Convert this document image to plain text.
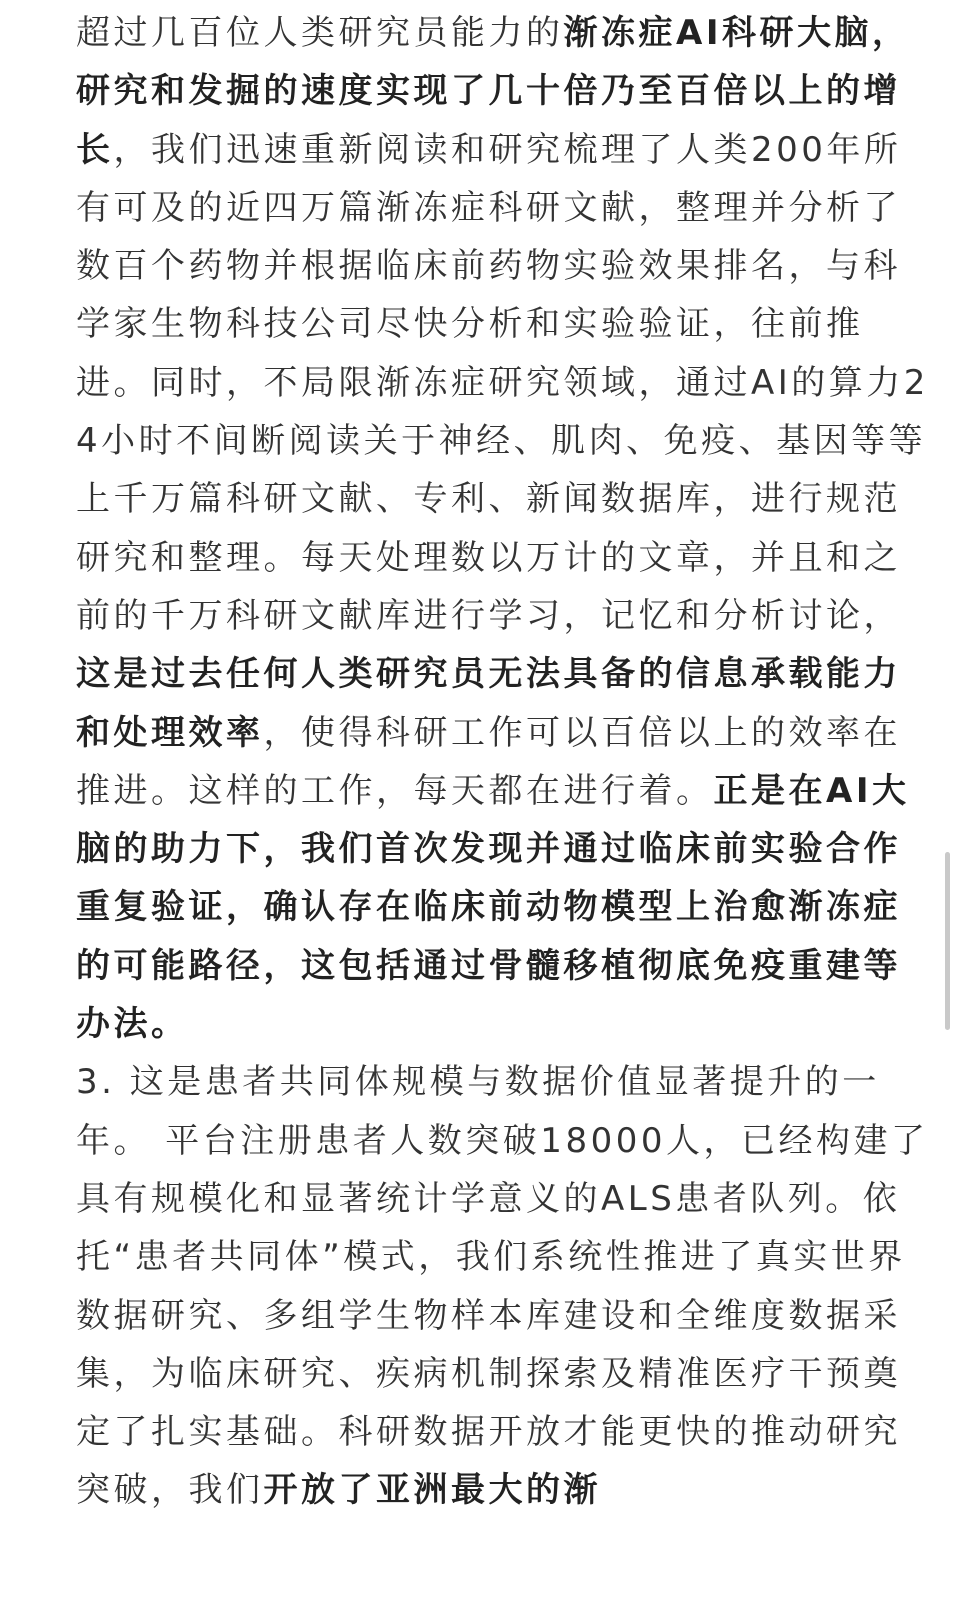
超过几百位人类研究员能力的渐冻症AI科研大脑，研究和发掘的速度实现了几十倍乃至百倍以上的增长，我们迅速重新阅读和研究梳理了人类200年所有可及的近四万篇渐冻症科研文献，整理并分析了数百个药物并根据临床前药物实验效果排名，与科学家生物科技公司尽快分析和实验验证，往前推进。同时，不局限渐冻症研究领域，通过AI的算力24小时不间断阅读关于神经、肌肉、免疫、基因等等上千万篇科研文献、专利、新闻数据库，进行规范研究和整理。每天处理数以万计的文章，并且和之前的千万科研文献库进行学习，记忆和分析讨论，这是过去任何人类研究员无法具备的信息承载能力和处理效率，使得科研工作可以百倍以上的效率在推进。这样的工作，每天都在进行着。正是在AI大脑的助力下，我们首次发现并通过临床前实验合作重复验证，确认存在临床前动物模型上治愈渐冻症的可能路径，这包括通过骨髓移植彻底免疫重建等办法。

3. 这是患者共同体规模与数据价值显著提升的一年。 平台注册患者人数突破18000人，已经构建了具有规模化和显著统计学意义的ALS患者队列。依托“患者共同体”模式，我们系统性推进了真实世界数据研究、多组学生物样本库建设和全维度数据采集，为临床研究、疾病机制探索及精准医疗干预奠定了扎实基础。科研数据开放才能更快的推动研究突破，我们开放了亚洲最大的渐
